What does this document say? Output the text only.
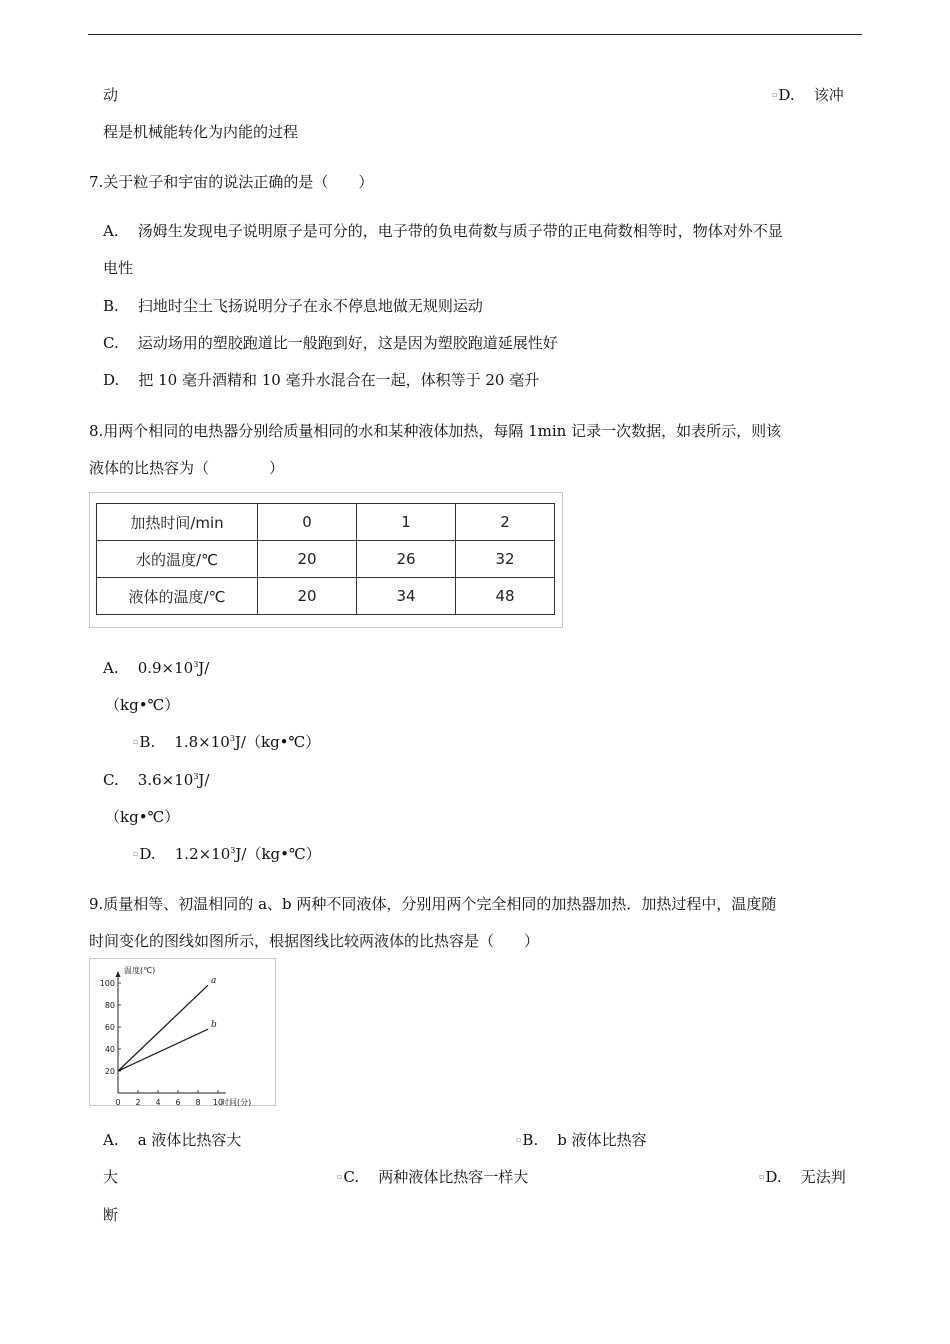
动	▫D. 该冲
程是机械能转化为内能的过程
7.关于粒子和宇宙的说法正确的是（　　）
A. 汤姆生发现电子说明原子是可分的，电子带的负电荷数与质子带的正电荷数相等时，物体对外不显
电性
B. 扫地时尘土飞扬说明分子在永不停息地做无规则运动
C. 运动场用的塑胶跑道比一般跑到好，这是因为塑胶跑道延展性好
D. 把 10 毫升酒精和 10 毫升水混合在一起，体积等于 20 毫升
8.用两个相同的电热器分别给质量相同的水和某种液体加热，每隔 1min 记录一次数据，如表所示，则该
液体的比热容为（　　　　）
加热时间/min	0	1	2
水的温度/℃	20	26	32
液体的温度/℃	20	34	48
A. $0.9\times 10^3J/$
（kg•℃）
▫B. $1.8\times 10^3J/(kg•℃)$
C. $3.6\times 10^3J/$
（kg•℃）
▫D. $1.2\times 10^3J/(kg•℃)$
9.质量相等、初温相同的 a、b 两种不同液体，分别用两个完全相同的加热器加热．加热过程中，温度随
时间变化的图线如图所示，根据图线比较两液体的比热容是（　　）
温度(℃)
时间(分)
20
40
60
80
100
0 2 4 6 8 10
a
b
A. a 液体比热容大	▫B. b 液体比热容
大	▫C. 两种液体比热容一样大	▫D. 无法判
断
